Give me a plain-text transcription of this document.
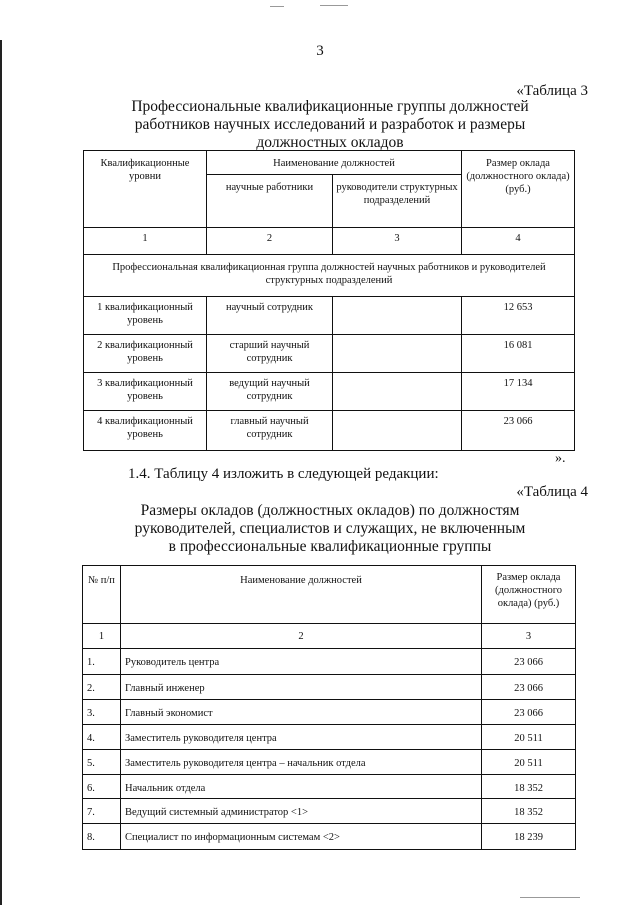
3
«Таблица 3
Профессиональные квалификационные группы должностей
работников научных исследований и разработок и размеры
должностных окладов
Квалификационные уровни	Наименование должностей		Размер оклада (должностного оклада) (руб.)
	научные работники	руководители структурных подразделений	
1	2	3	4
Профессиональная квалификационная группа должностей научных работников и руководителей структурных подразделений			
1 квалификационный уровень	научный сотрудник		12 653
2 квалификационный уровень	старший научный сотрудник		16 081
3 квалификационный уровень	ведущий научный сотрудник		17 134
4 квалификационный уровень	главный научный сотрудник		23 066
».
1.4. Таблицу 4 изложить в следующей редакции:
«Таблица 4
Размеры окладов (должностных окладов) по должностям
руководителей, специалистов и служащих, не включенным
в профессиональные квалификационные группы
№ п/п	Наименование должностей	Размер оклада (должностного оклада) (руб.)
1	2	3
1.	Руководитель центра	23 066
2.	Главный инженер	23 066
3.	Главный экономист	23 066
4.	Заместитель руководителя центра	20 511
5.	Заместитель руководителя центра – начальник отдела	20 511
6.	Начальник отдела	18 352
7.	Ведущий системный администратор <1>	18 352
8.	Специалист по информационным системам <2>	18 239
